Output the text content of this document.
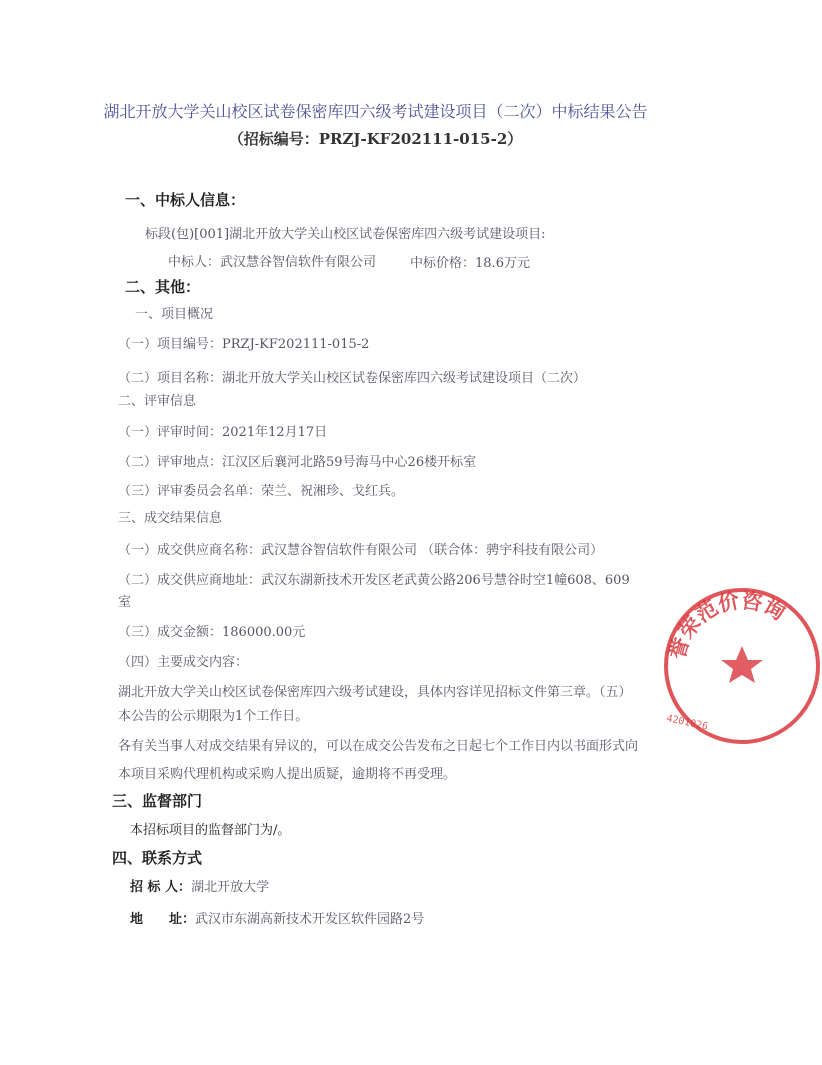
湖北开放大学关山校区试卷保密库四六级考试建设项目（二次）中标结果公告
（招标编号：PRZJ-KF202111-015-2）
一、中标人信息：
标段(包)[001]湖北开放大学关山校区试卷保密库四六级考试建设项目:
中标人：武汉慧谷智信软件有限公司	中标价格：18.6万元
二、其他：
一、项目概况
（一）项目编号：PRZJ-KF202111-015-2
（二）项目名称：湖北开放大学关山校区试卷保密库四六级考试建设项目（二次）
二、评审信息
（一）评审时间：2021年12月17日
（二）评审地点：江汉区后襄河北路59号海马中心26楼开标室
（三）评审委员会名单：荣兰、祝湘珍、戈红兵。
三、成交结果信息
（一）成交供应商名称：武汉慧谷智信软件有限公司 （联合体：骋宇科技有限公司）
（二）成交供应商地址：武汉东湖新技术开发区老武黄公路206号慧谷时空1幢608、609
室
（三）成交金额：186000.00元
（四）主要成交内容：
湖北开放大学关山校区试卷保密库四六级考试建设，具体内容详见招标文件第三章。（五）
本公告的公示期限为1个工作日。
各有关当事人对成交结果有异议的，可以在成交公告发布之日起七个工作日内以书面形式向
本项目采购代理机构或采购人提出质疑，逾期将不再受理。
三、监督部门
本招标项目的监督部门为/。
四、联系方式
招 标 人：湖北开放大学
地　　址：武汉市东湖高新技术开发区软件园路2号
誉荣范价咨询
4201026
